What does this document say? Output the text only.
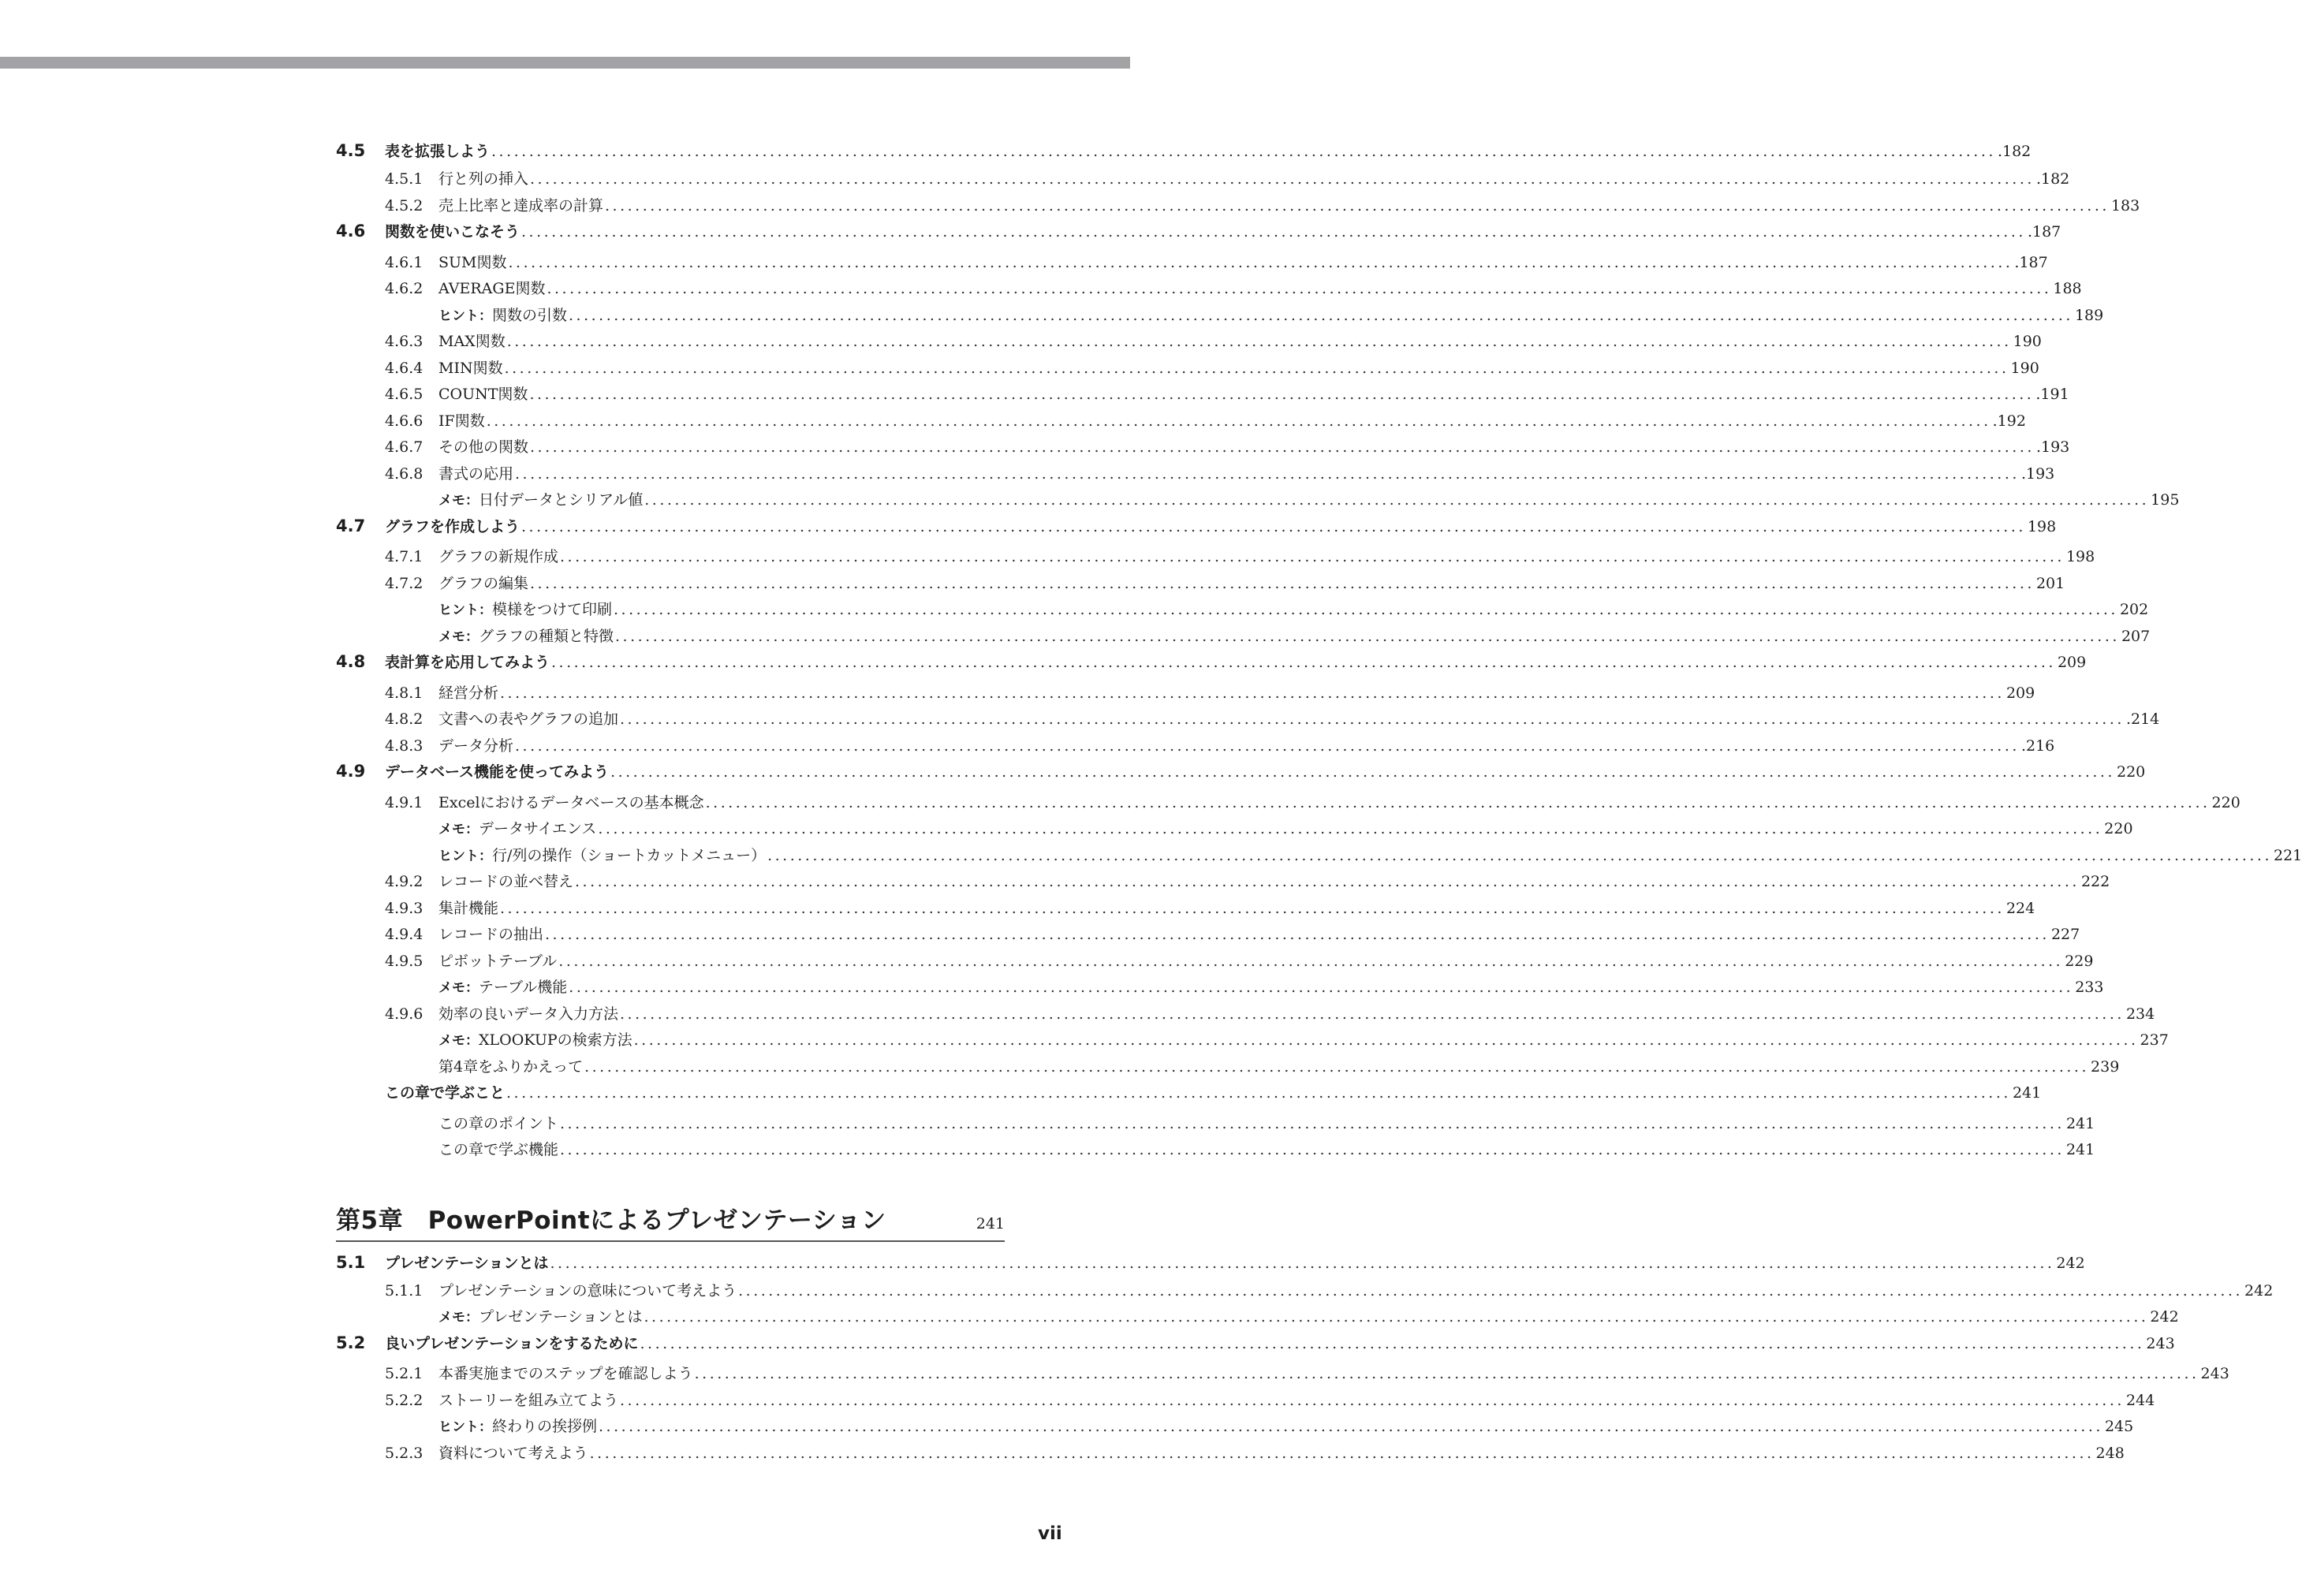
4.5	表を拡張しよう ........................................................................................................................................................................................................ .182
4.5.1	行と列の挿入 ........................................................................................................................................................................................................ .182
4.5.2	売上比率と達成率の計算 ........................................................................................................................................................................................................ 183
4.6	関数を使いこなそう ........................................................................................................................................................................................................ .187
4.6.1	SUM関数 ........................................................................................................................................................................................................ .187
4.6.2	AVERAGE関数 ........................................................................................................................................................................................................ 188
ヒント： 関数の引数 ........................................................................................................................................................................................................ 189
4.6.3	MAX関数 ........................................................................................................................................................................................................ 190
4.6.4	MIN関数 ........................................................................................................................................................................................................ 190
4.6.5	COUNT関数 ........................................................................................................................................................................................................ .191
4.6.6	IF関数 ........................................................................................................................................................................................................ .192
4.6.7	その他の関数 ........................................................................................................................................................................................................ .193
4.6.8	書式の応用 ........................................................................................................................................................................................................ .193
メモ： 日付データとシリアル値 ........................................................................................................................................................................................................ 195
4.7	グラフを作成しよう ........................................................................................................................................................................................................ 198
4.7.1	グラフの新規作成 ........................................................................................................................................................................................................ 198
4.7.2	グラフの編集 ........................................................................................................................................................................................................ 201
ヒント： 模様をつけて印刷 ........................................................................................................................................................................................................ 202
メモ： グラフの種類と特徴 ........................................................................................................................................................................................................ 207
4.8	表計算を応用してみよう ........................................................................................................................................................................................................ 209
4.8.1	経営分析 ........................................................................................................................................................................................................ 209
4.8.2	文書への表やグラフの追加 ........................................................................................................................................................................................................ .214
4.8.3	データ分析 ........................................................................................................................................................................................................ .216
4.9	データベース機能を使ってみよう ........................................................................................................................................................................................................ 220
4.9.1	Excelにおけるデータベースの基本概念 ........................................................................................................................................................................................................ 220
メモ： データサイエンス ........................................................................................................................................................................................................ 220
ヒント： 行/列の操作（ショートカットメニュー） ........................................................................................................................................................................................................ 221
4.9.2	レコードの並べ替え ........................................................................................................................................................................................................ 222
4.9.3	集計機能 ........................................................................................................................................................................................................ 224
4.9.4	レコードの抽出 ........................................................................................................................................................................................................ 227
4.9.5	ピボットテーブル ........................................................................................................................................................................................................ 229
メモ： テーブル機能 ........................................................................................................................................................................................................ 233
4.9.6	効率の良いデータ入力方法 ........................................................................................................................................................................................................ 234
メモ： XLOOKUPの検索方法 ........................................................................................................................................................................................................ 237
第4章をふりかえって ........................................................................................................................................................................................................ 239
この章で学ぶこと ........................................................................................................................................................................................................ 241
この章のポイント ........................................................................................................................................................................................................ 241
この章で学ぶ機能 ........................................................................................................................................................................................................ 241
第5章　PowerPointによるプレゼンテーション	241
5.1	プレゼンテーションとは ........................................................................................................................................................................................................ 242
5.1.1	プレゼンテーションの意味について考えよう ........................................................................................................................................................................................................ 242
メモ： プレゼンテーションとは ........................................................................................................................................................................................................ 242
5.2	良いプレゼンテーションをするために ........................................................................................................................................................................................................ 243
5.2.1	本番実施までのステップを確認しよう ........................................................................................................................................................................................................ 243
5.2.2	ストーリーを組み立てよう ........................................................................................................................................................................................................ 244
ヒント： 終わりの挨拶例 ........................................................................................................................................................................................................ 245
5.2.3	資料について考えよう ........................................................................................................................................................................................................ 248
vii
